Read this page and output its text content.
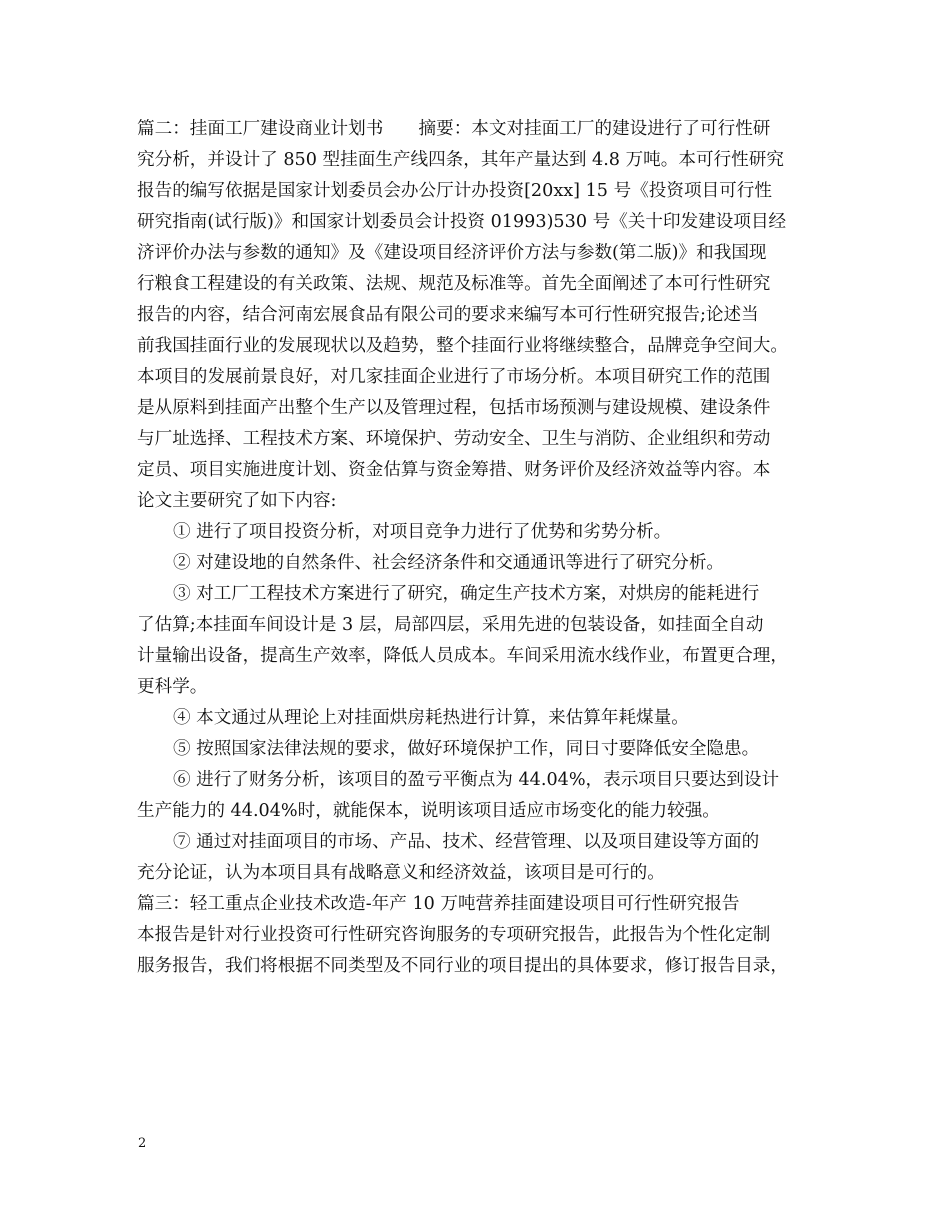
篇二：挂面工厂建设商业计划书　　摘要：本文对挂面工厂的建设进行了可行性研
究分析，并设计了 850 型挂面生产线四条，其年产量达到 4.8 万吨。本可行性研究
报告的编写依据是国家计划委员会办公厅计办投资[20xx] 15 号《投资项目可行性
研究指南(试行版)》和国家计划委员会计投资 01993)530 号《关十印发建设项目经
济评价办法与参数的通知》及《建设项目经济评价方法与参数(第二版)》和我国现
行粮食工程建设的有关政策、法规、规范及标准等。首先全面阐述了本可行性研究
报告的内容，结合河南宏展食品有限公司的要求来编写本可行性研究报告;论述当
前我国挂面行业的发展现状以及趋势，整个挂面行业将继续整合，品牌竞争空间大。
本项目的发展前景良好，对几家挂面企业进行了市场分析。本项目研究工作的范围
是从原料到挂面产出整个生产以及管理过程，包括市场预测与建设规模、建设条件
与厂址选择、工程技术方案、环境保护、劳动安全、卫生与消防、企业组织和劳动
定员、项目实施进度计划、资金估算与资金筹措、财务评价及经济效益等内容。本
论文主要研究了如下内容:
① 进行了项目投资分析，对项目竞争力进行了优势和劣势分析。
② 对建设地的自然条件、社会经济条件和交通通讯等进行了研究分析。
③ 对工厂工程技术方案进行了研究，确定生产技术方案，对烘房的能耗进行
了估算;本挂面车间设计是 3 层，局部四层，采用先进的包装设备，如挂面全自动
计量输出设备，提高生产效率，降低人员成本。车间采用流水线作业，布置更合理，
更科学。
④ 本文通过从理论上对挂面烘房耗热进行计算，来估算年耗煤量。
⑤ 按照国家法律法规的要求，做好环境保护工作，同日寸要降低安全隐患。
⑥ 进行了财务分析，该项目的盈亏平衡点为 44.04%，表示项目只要达到设计
生产能力的 44.04%时，就能保本，说明该项目适应市场变化的能力较强。
⑦ 通过对挂面项目的市场、产品、技术、经营管理、以及项目建设等方面的
充分论证，认为本项目具有战略意义和经济效益，该项目是可行的。
篇三：轻工重点企业技术改造-年产 10 万吨营养挂面建设项目可行性研究报告
本报告是针对行业投资可行性研究咨询服务的专项研究报告，此报告为个性化定制
服务报告，我们将根据不同类型及不同行业的项目提出的具体要求，修订报告目录，
2
